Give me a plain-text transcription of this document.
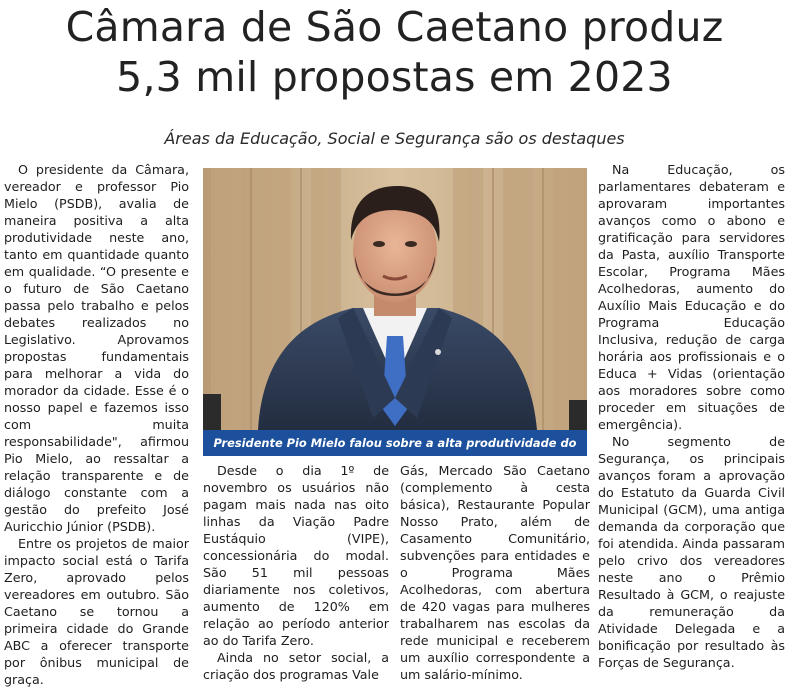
Câmara de São Caetano produz
5,3 mil propostas em 2023
Áreas da Educação, Social e Segurança são os destaques

O presidente da Câmara, vereador e professor Pio Mielo (PSDB), avalia de maneira positiva a alta produtividade neste ano, tanto em quantidade quanto em qualidade. “O presente e o futuro de São Caetano passa pelo trabalho e pelos debates realizados no Legislativo. Aprovamos propostas fundamentais para melhorar a vida do morador da cidade. Esse é o nosso papel e fazemos isso com muita responsabilidade", afirmou Pio Mielo, ao ressaltar a relação transparente e de diálogo constante com a gestão do prefeito José Auricchio Júnior (PSDB).

Entre os projetos de maior impacto social está o Tarifa Zero, aprovado pelos vereadores em outubro. São Caetano se tornou a primeira cidade do Grande ABC a oferecer transporte por ônibus municipal de graça.

Presidente Pio Mielo falou sobre a alta produtividade do

Desde o dia 1º de novembro os usuários não pagam mais nada nas oito linhas da Viação Padre Eustáquio (VIPE), concessionária do modal. São 51 mil pessoas diariamente nos coletivos, aumento de 120% em relação ao período anterior ao do Tarifa Zero.

Ainda no setor social, a criação dos programas Vale

Gás, Mercado São Caetano (complemento à cesta básica), Restaurante Popular Nosso Prato, além de Casamento Comunitário, subvenções para entidades e o Programa Mães Acolhedoras, com abertura de 420 vagas para mulheres trabalharem nas escolas da rede municipal e receberem um auxílio correspondente a um salário-mínimo.

Na Educação, os parlamentares debateram e aprovaram importantes avanços como o abono e gratificação para servidores da Pasta, auxílio Transporte Escolar, Programa Mães Acolhedoras, aumento do Auxílio Mais Educação e do Programa Educação Inclusiva, redução de carga horária aos profissionais e o Educa + Vidas (orientação aos moradores sobre como proceder em situações de emergência).

No segmento de Segurança, os principais avanços foram a aprovação do Estatuto da Guarda Civil Municipal (GCM), uma antiga demanda da corporação que foi atendida. Ainda passaram pelo crivo dos vereadores neste ano o Prêmio Resultado à GCM, o reajuste da remuneração da Atividade Delegada e a bonificação por resultado às Forças de Segurança.
